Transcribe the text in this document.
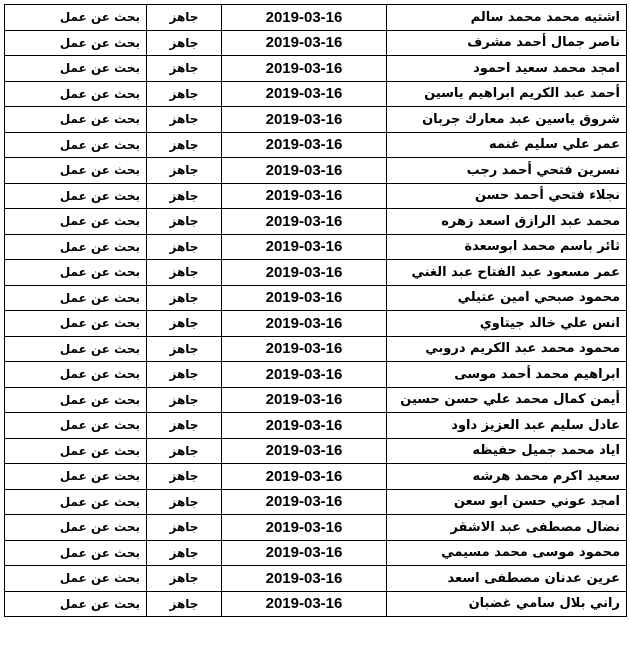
اشتيه محمد محمد سالم	2019-03-16	جاهز	بحث عن عمل
ناصر جمال أحمد مشرف	2019-03-16	جاهز	بحث عن عمل
امجد محمد سعيد احمود	2019-03-16	جاهز	بحث عن عمل
أحمد عبد الكريم ابراهيم ياسين	2019-03-16	جاهز	بحث عن عمل
شروق ياسين عبد معارك جربان	2019-03-16	جاهز	بحث عن عمل
عمر علي سليم غنمه	2019-03-16	جاهز	بحث عن عمل
نسرين فتحي أحمد رجب	2019-03-16	جاهز	بحث عن عمل
نجلاء فتحي أحمد حسن	2019-03-16	جاهز	بحث عن عمل
محمد عبد الرازق اسعد زهره	2019-03-16	جاهز	بحث عن عمل
ثائر باسم محمد ابوسعدة	2019-03-16	جاهز	بحث عن عمل
عمر مسعود عبد الفتاح عبد الغني	2019-03-16	جاهز	بحث عن عمل
محمود صبحي امين عتيلي	2019-03-16	جاهز	بحث عن عمل
انس علي خالد جيتاوي	2019-03-16	جاهز	بحث عن عمل
محمود محمد عبد الكريم دروبي	2019-03-16	جاهز	بحث عن عمل
ابراهيم محمد أحمد موسى	2019-03-16	جاهز	بحث عن عمل
أيمن كمال محمد علي حسن حسين	2019-03-16	جاهز	بحث عن عمل
عادل سليم عبد العزيز داود	2019-03-16	جاهز	بحث عن عمل
اياد محمد جميل حفيظه	2019-03-16	جاهز	بحث عن عمل
سعيد اكرم محمد هرشه	2019-03-16	جاهز	بحث عن عمل
امجد عوني حسن ابو سعن	2019-03-16	جاهز	بحث عن عمل
نضال مصطفى عبد الاشقر	2019-03-16	جاهز	بحث عن عمل
محمود موسى محمد مسيمي	2019-03-16	جاهز	بحث عن عمل
عرين عدنان مصطفى اسعد	2019-03-16	جاهز	بحث عن عمل
راني بلال سامي غضبان	2019-03-16	جاهز	بحث عن عمل
